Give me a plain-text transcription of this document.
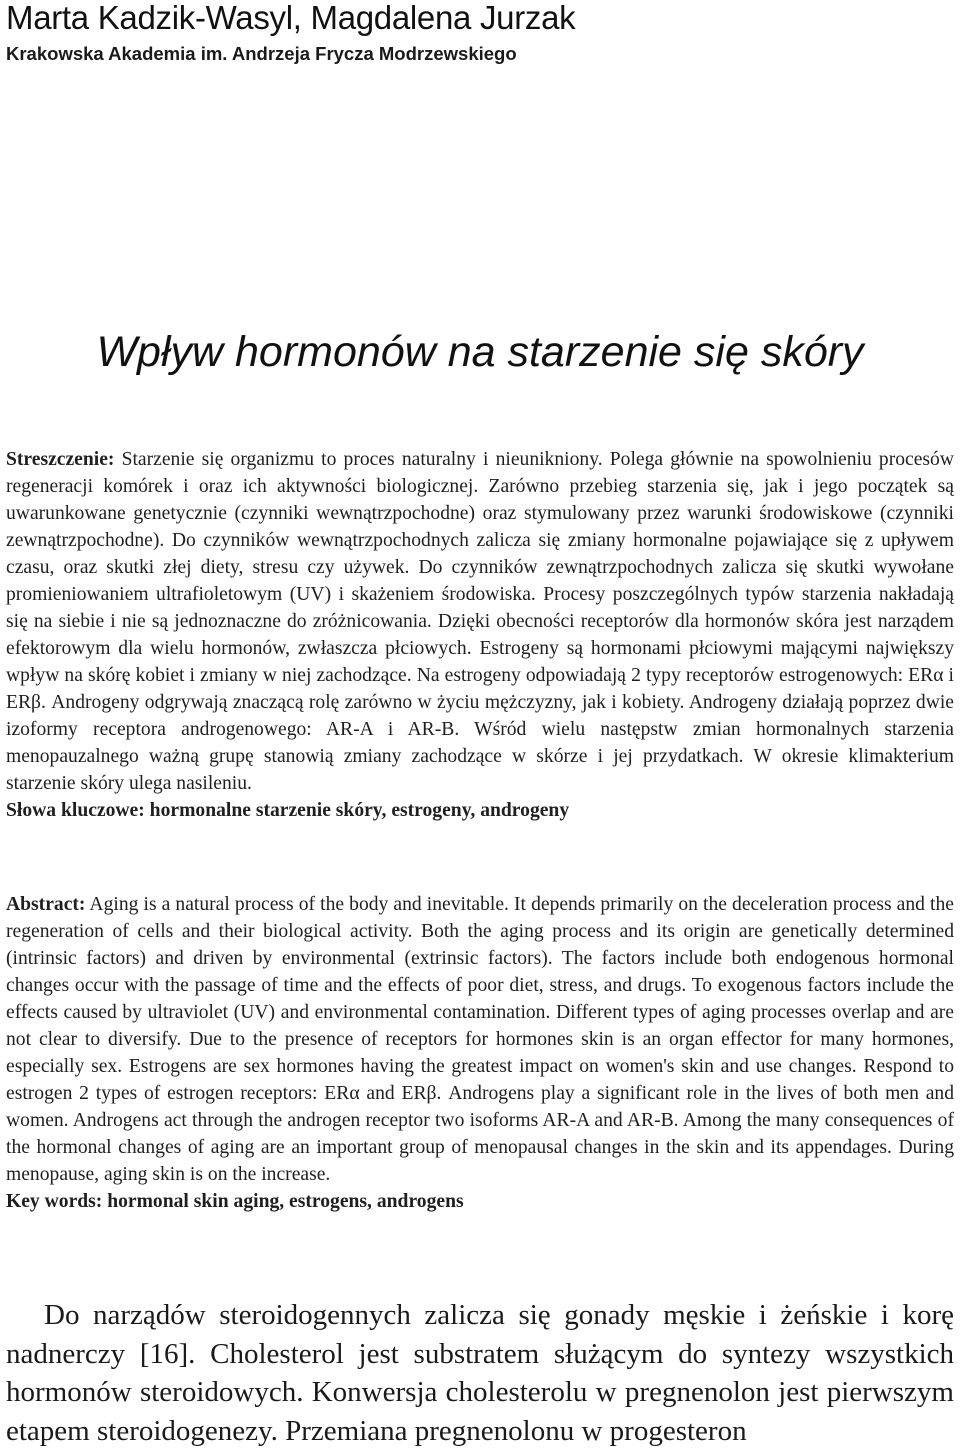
Marta Kadzik-Wasyl, Magdalena Jurzak
Krakowska Akademia im. Andrzeja Frycza Modrzewskiego
Wpływ hormonów na starzenie się skóry
Streszczenie: Starzenie się organizmu to proces naturalny i nieunikniony. Polega głównie na spowolnieniu procesów regeneracji komórek i oraz ich aktywności biologicznej. Zarówno przebieg starzenia się, jak i jego początek są uwarunkowane genetycznie (czynniki wewnątrzpochodne) oraz stymulowany przez warunki środowiskowe (czynniki zewnątrzpochodne). Do czynników wewnątrzpochodnych zalicza się zmiany hormonalne pojawiające się z upływem czasu, oraz skutki złej diety, stresu czy używek. Do czynników zewnątrzpochodnych zalicza się skutki wywołane promieniowaniem ultrafioletowym (UV) i skażeniem środowiska. Procesy poszczególnych typów starzenia nakładają się na siebie i nie są jednoznaczne do zróżnicowania. Dzięki obecności receptorów dla hormonów skóra jest narządem efektorowym dla wielu hormonów, zwłaszcza płciowych. Estrogeny są hormonami płciowymi mającymi największy wpływ na skórę kobiet i zmiany w niej zachodzące. Na estrogeny odpowiadają 2 typy receptorów estrogenowych: ERα i ERβ. Androgeny odgrywają znaczącą rolę zarówno w życiu mężczyzny, jak i kobiety. Androgeny działają poprzez dwie izoformy receptora androgenowego: AR-A i AR-B. Wśród wielu następstw zmian hormonalnych starzenia menopauzalnego ważną grupę stanowią zmiany zachodzące w skórze i jej przydatkach. W okresie klimakterium starzenie skóry ulega nasileniu.
Słowa kluczowe: hormonalne starzenie skóry, estrogeny, androgeny
Abstract: Aging is a natural process of the body and inevitable. It depends primarily on the deceleration process and the regeneration of cells and their biological activity. Both the aging process and its origin are genetically determined (intrinsic factors) and driven by environmental (extrinsic factors). The factors include both endogenous hormonal changes occur with the passage of time and the effects of poor diet, stress, and drugs. To exogenous factors include the effects caused by ultraviolet (UV) and environmental contamination. Different types of aging processes overlap and are not clear to diversify. Due to the presence of receptors for hormones skin is an organ effector for many hormones, especially sex. Estrogens are sex hormones having the greatest impact on women's skin and use changes. Respond to estrogen 2 types of estrogen receptors: ERα and ERβ. Androgens play a significant role in the lives of both men and women. Androgens act through the androgen receptor two isoforms AR-A and AR-B. Among the many consequences of the hormonal changes of aging are an important group of menopausal changes in the skin and its appendages. During menopause, aging skin is on the increase.
Key words: hormonal skin aging, estrogens, androgens
Do narządów steroidogennych zalicza się gonady męskie i żeńskie i korę nadnerczy [16]. Cholesterol jest substratem służącym do syntezy wszystkich hormonów steroidowych. Konwersja cholesterolu w pregnenolon jest pierwszym etapem steroidogenezy. Przemiana pregnenolonu w progesteron
